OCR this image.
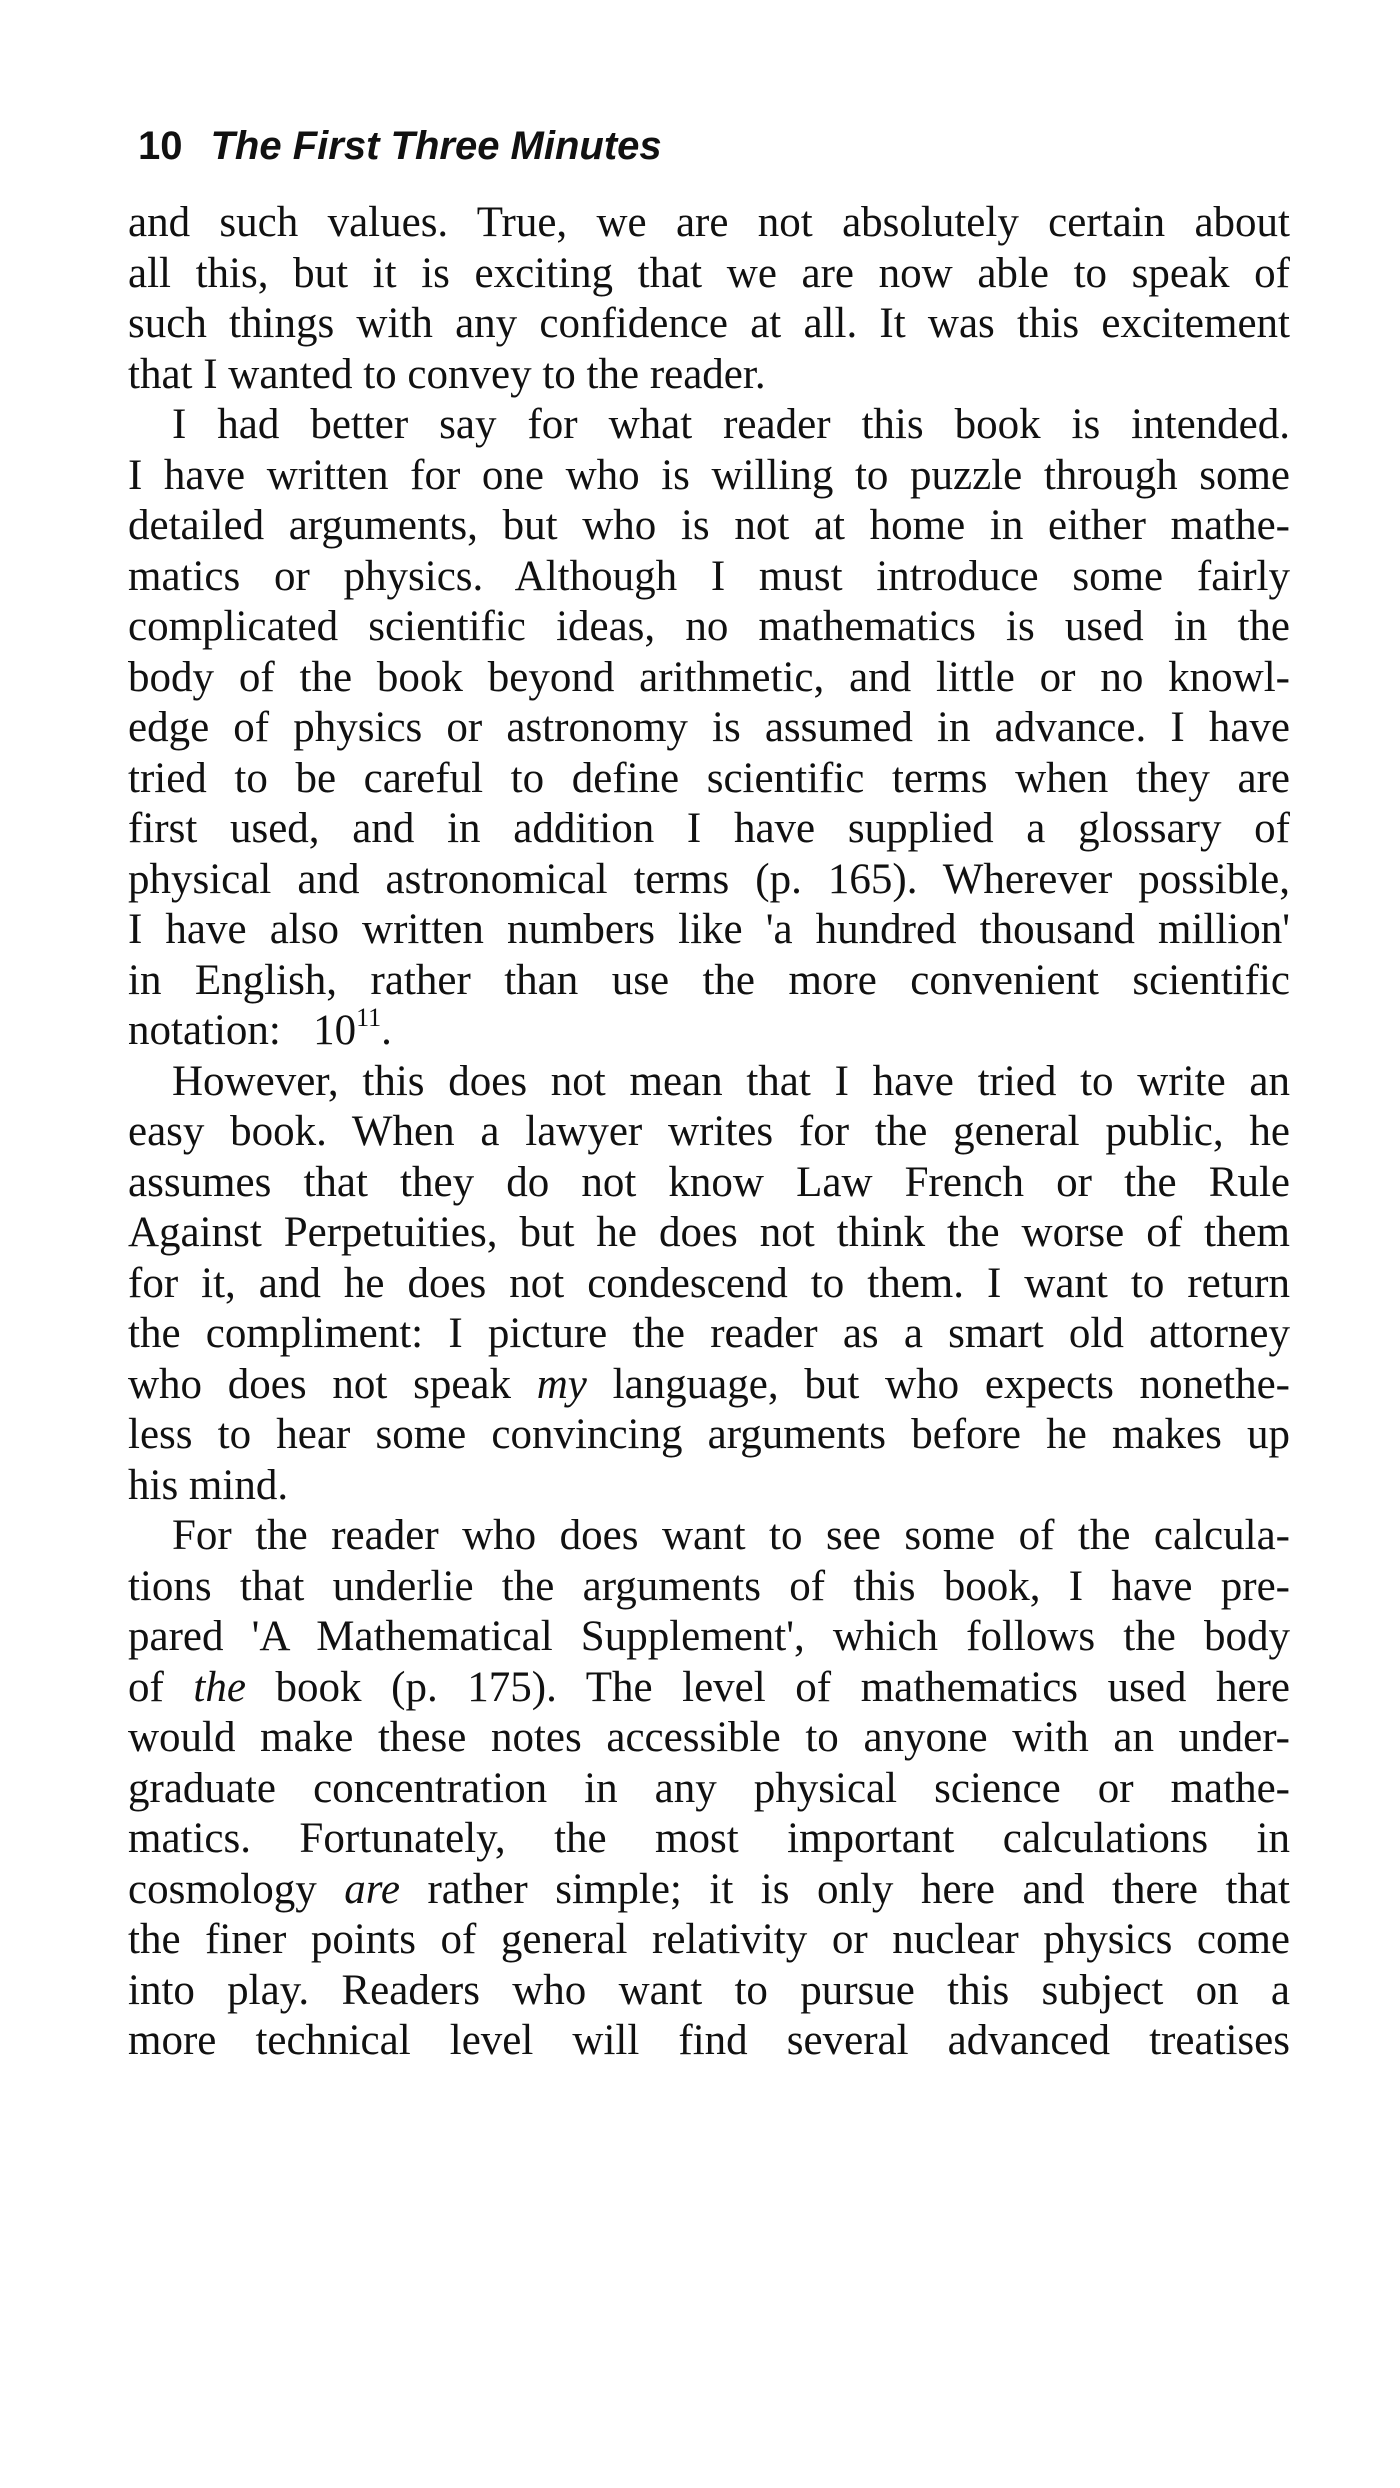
10 The First Three Minutes
and such values. True, we are not absolutely certain about
all this, but it is exciting that we are now able to speak of
such things with any confidence at all. It was this excitement
that I wanted to convey to the reader.
I had better say for what reader this book is intended.
I have written for one who is willing to puzzle through some
detailed arguments, but who is not at home in either mathe-
matics or physics. Although I must introduce some fairly
complicated scientific ideas, no mathematics is used in the
body of the book beyond arithmetic, and little or no knowl-
edge of physics or astronomy is assumed in advance. I have
tried to be careful to define scientific terms when they are
first used, and in addition I have supplied a glossary of
physical and astronomical terms (p. 165). Wherever possible,
I have also written numbers like 'a hundred thousand million'
in English, rather than use the more convenient scientific
notation: $10^{11}$.
However, this does not mean that I have tried to write an
easy book. When a lawyer writes for the general public, he
assumes that they do not know Law French or the Rule
Against Perpetuities, but he does not think the worse of them
for it, and he does not condescend to them. I want to return
the compliment: I picture the reader as a smart old attorney
who does not speak my language, but who expects nonethe-
less to hear some convincing arguments before he makes up
his mind.
For the reader who does want to see some of the calcula-
tions that underlie the arguments of this book, I have pre-
pared 'A Mathematical Supplement', which follows the body
of the book (p. 175). The level of mathematics used here
would make these notes accessible to anyone with an under-
graduate concentration in any physical science or mathe-
matics. Fortunately, the most important calculations in
cosmology are rather simple; it is only here and there that
the finer points of general relativity or nuclear physics come
into play. Readers who want to pursue this subject on a
more technical level will find several advanced treatises
